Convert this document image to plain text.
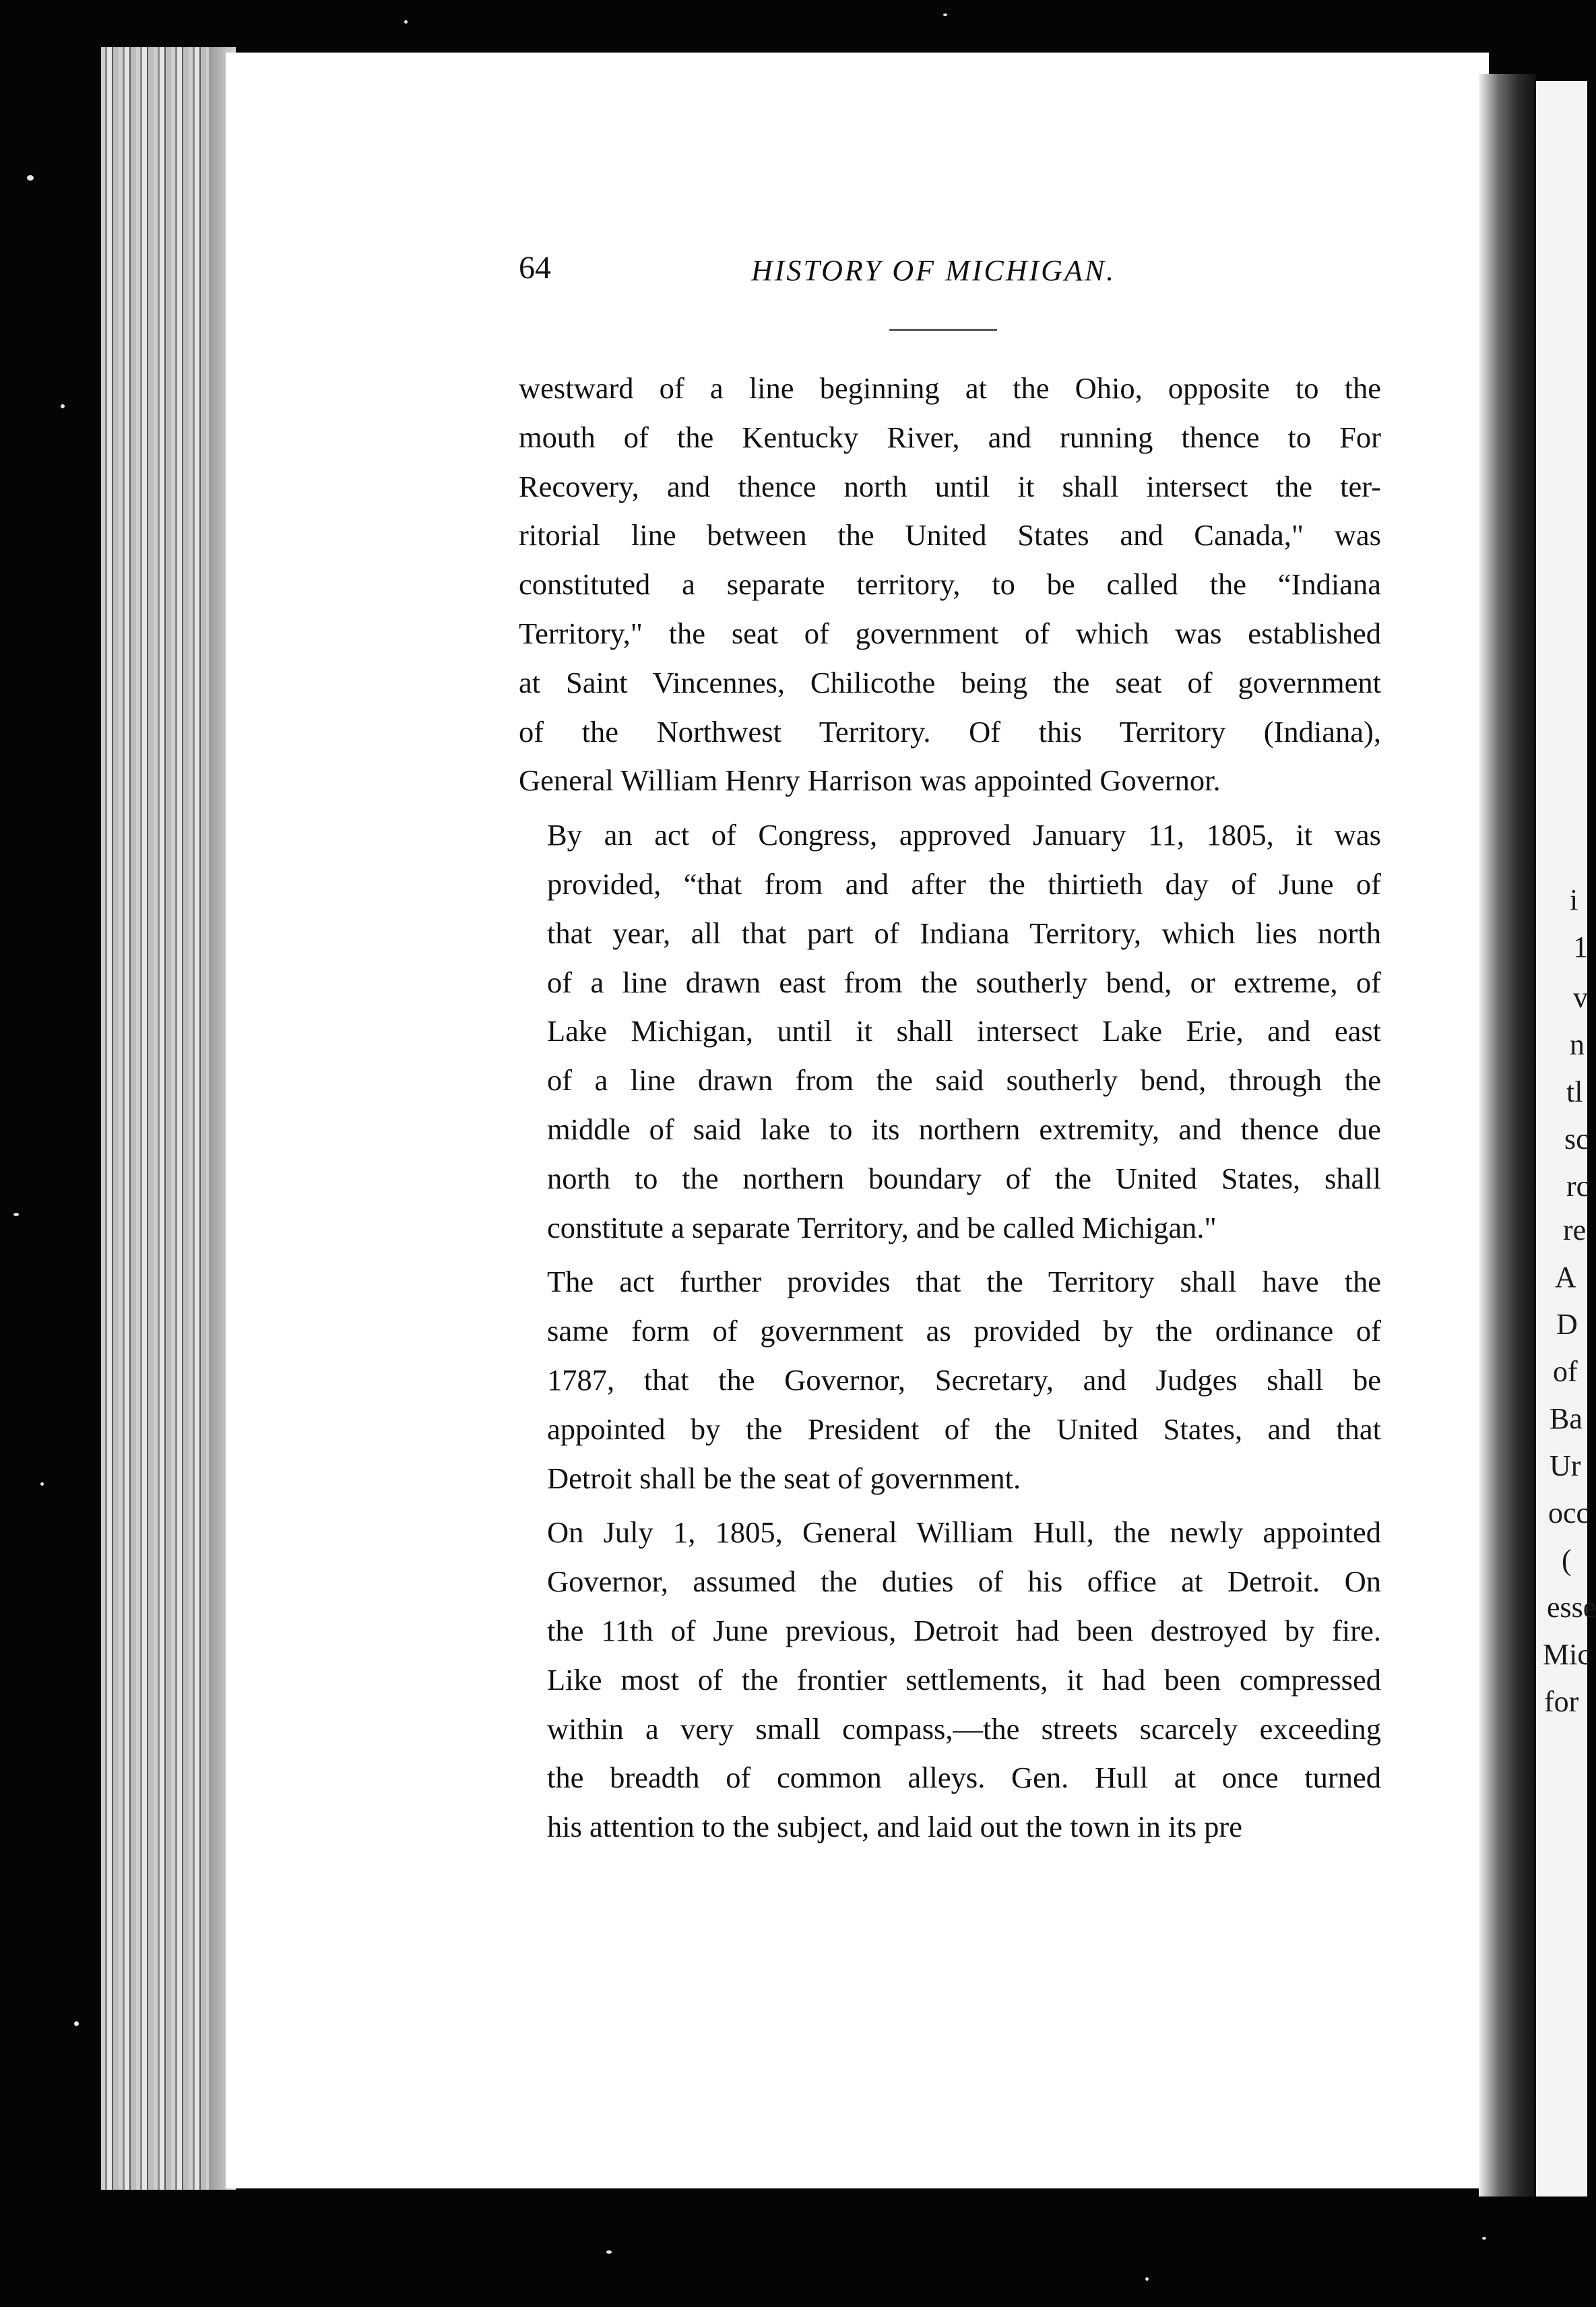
i
1
v
n
tl
sc
rc
re
A
D
of
Ba
Ur
occ
(
esse
Mic
for
64	HISTORY OF MICHIGAN.

westward of a line beginning at the Ohio, opposite to the
mouth of the Kentucky River, and running thence to For
Recovery, and thence north until it shall intersect the ter-
ritorial line between the United States and Canada," was
constituted a separate territory, to be called the “Indiana
Territory," the seat of government of which was established
at Saint Vincennes, Chilicothe being the seat of government
of the Northwest Territory. Of this Territory (Indiana),
General William Henry Harrison was appointed Governor.

By an act of Congress, approved January 11, 1805, it was
provided, “that from and after the thirtieth day of June of
that year, all that part of Indiana Territory, which lies north
of a line drawn east from the southerly bend, or extreme, of
Lake Michigan, until it shall intersect Lake Erie, and east
of a line drawn from the said southerly bend, through the
middle of said lake to its northern extremity, and thence due
north to the northern boundary of the United States, shall
constitute a separate Territory, and be called Michigan."

The act further provides that the Territory shall have the
same form of government as provided by the ordinance of
1787, that the Governor, Secretary, and Judges shall be
appointed by the President of the United States, and that
Detroit shall be the seat of government.

On July 1, 1805, General William Hull, the newly appointed
Governor, assumed the duties of his office at Detroit. On
the 11th of June previous, Detroit had been destroyed by fire.
Like most of the frontier settlements, it had been compressed
within a very small compass,—the streets scarcely exceeding
the breadth of common alleys. Gen. Hull at once turned
his attention to the subject, and laid out the town in its pre
